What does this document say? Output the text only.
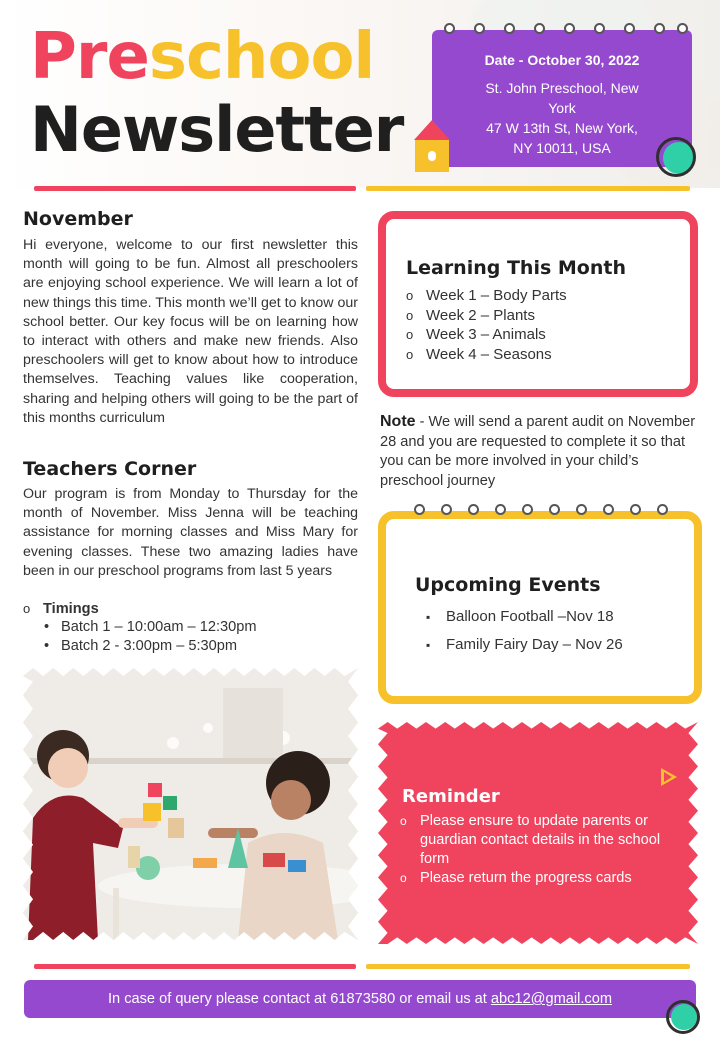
Preschool
Newsletter
Date - October 30, 2022
St. John Preschool, New
York
47 W 13th St, New York,
NY 10011, USA
November
Hi everyone, welcome to our first newsletter this month will going to be fun. Almost all preschoolers are enjoying school experience. We will learn a lot of new things this time. This month we’ll get to know our school better. Our key focus will be on learning how to interact with others and make new friends. Also preschoolers will get to know about how to introduce themselves. Teaching values like cooperation, sharing and helping others will going to be the part of this months curriculum
Teachers Corner
Our program is from Monday to Thursday for the month of November. Miss Jenna will be teaching assistance for morning classes and Miss Mary for evening classes. These two amazing ladies have been in our preschool programs from last 5 years
o Timings
• Batch 1 – 10:00am – 12:30pm
• Batch 2 - 3:00pm – 5:30pm
Learning This Month
o Week 1 – Body Parts
o Week 2 – Plants
o Week 3 – Animals
o Week 4 – Seasons
Note - We will send a parent audit on November 28 and you are requested to complete it so that you can be more involved in your child’s preschool journey
Upcoming Events
▪ Balloon Football –Nov 18
▪ Family Fairy Day – Nov 26
Reminder
o Please ensure to update parents or guardian contact details in the school form
o Please return the progress cards
In case of query please contact at 61873580 or email us at abc12@gmail.com
